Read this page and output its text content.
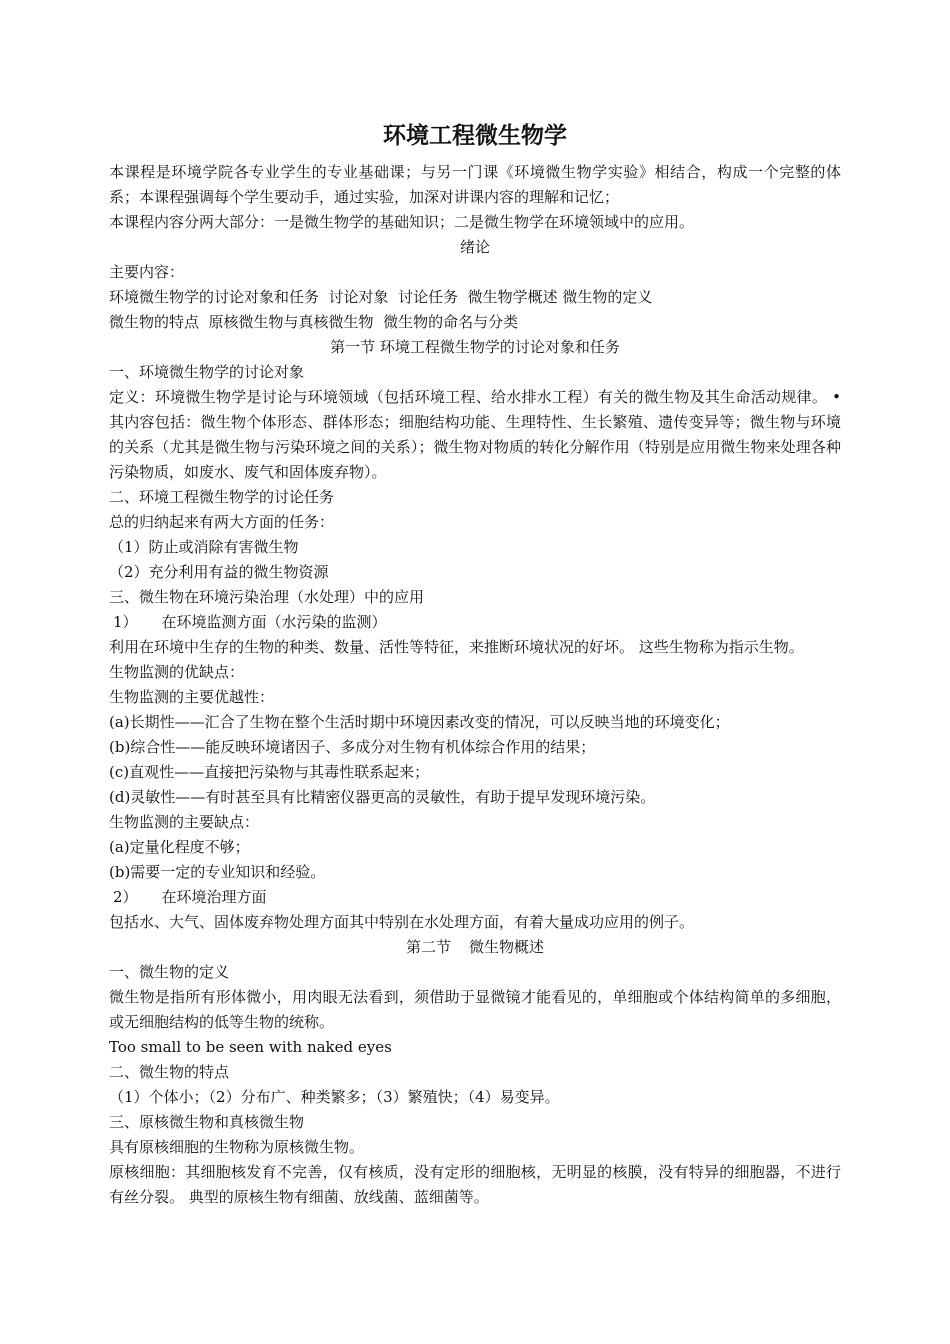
环境工程微生物学

本课程是环境学院各专业学生的专业基础课；与另一门课《环境微生物学实验》相结合，构成一个完整的体系；本课程强调每个学生要动手，通过实验，加深对讲课内容的理解和记忆；

本课程内容分两大部分：一是微生物学的基础知识；二是微生物学在环境领域中的应用。

绪论

主要内容：

环境微生物学的讨论对象和任务  讨论对象  讨论任务  微生物学概述 微生物的定义

微生物的特点  原核微生物与真核微生物  微生物的命名与分类

第一节 环境工程微生物学的讨论对象和任务

一、环境微生物学的讨论对象

定义：环境微生物学是讨论与环境领域（包括环境工程、给水排水工程）有关的微生物及其生命活动规律。 •其内容包括：微生物个体形态、群体形态；细胞结构功能、生理特性、生长繁殖、遗传变异等；微生物与环境的关系（尤其是微生物与污染环境之间的关系）；微生物对物质的转化分解作用（特别是应用微生物来处理各种污染物质，如废水、废气和固体废弃物）。

二、环境工程微生物学的讨论任务

总的归纳起来有两大方面的任务：

（1）防止或消除有害微生物

（2）充分利用有益的微生物资源

三、微生物在环境污染治理（水处理）中的应用

1） 在环境监测方面（水污染的监测）

利用在环境中生存的生物的种类、数量、活性等特征，来推断环境状况的好坏。 这些生物称为指示生物。

生物监测的优缺点：

生物监测的主要优越性：

(a)长期性——汇合了生物在整个生活时期中环境因素改变的情况，可以反映当地的环境变化；

(b)综合性——能反映环境诸因子、多成分对生物有机体综合作用的结果；

(c)直观性——直接把污染物与其毒性联系起来；

(d)灵敏性——有时甚至具有比精密仪器更高的灵敏性，有助于提早发现环境污染。

生物监测的主要缺点：

(a)定量化程度不够；

(b)需要一定的专业知识和经验。

2） 在环境治理方面

包括水、大气、固体废弃物处理方面其中特别在水处理方面，有着大量成功应用的例子。

第二节 微生物概述

一、微生物的定义

微生物是指所有形体微小，用肉眼无法看到，须借助于显微镜才能看见的，单细胞或个体结构简单的多细胞，或无细胞结构的低等生物的统称。

Too small to be seen with naked eyes

二、微生物的特点

（1）个体小；（2）分布广、种类繁多；（3）繁殖快；（4）易变异。

三、原核微生物和真核微生物

具有原核细胞的生物称为原核微生物。

原核细胞：其细胞核发育不完善，仅有核质，没有定形的细胞核，无明显的核膜，没有特异的细胞器，不进行有丝分裂。 典型的原核生物有细菌、放线菌、蓝细菌等。
